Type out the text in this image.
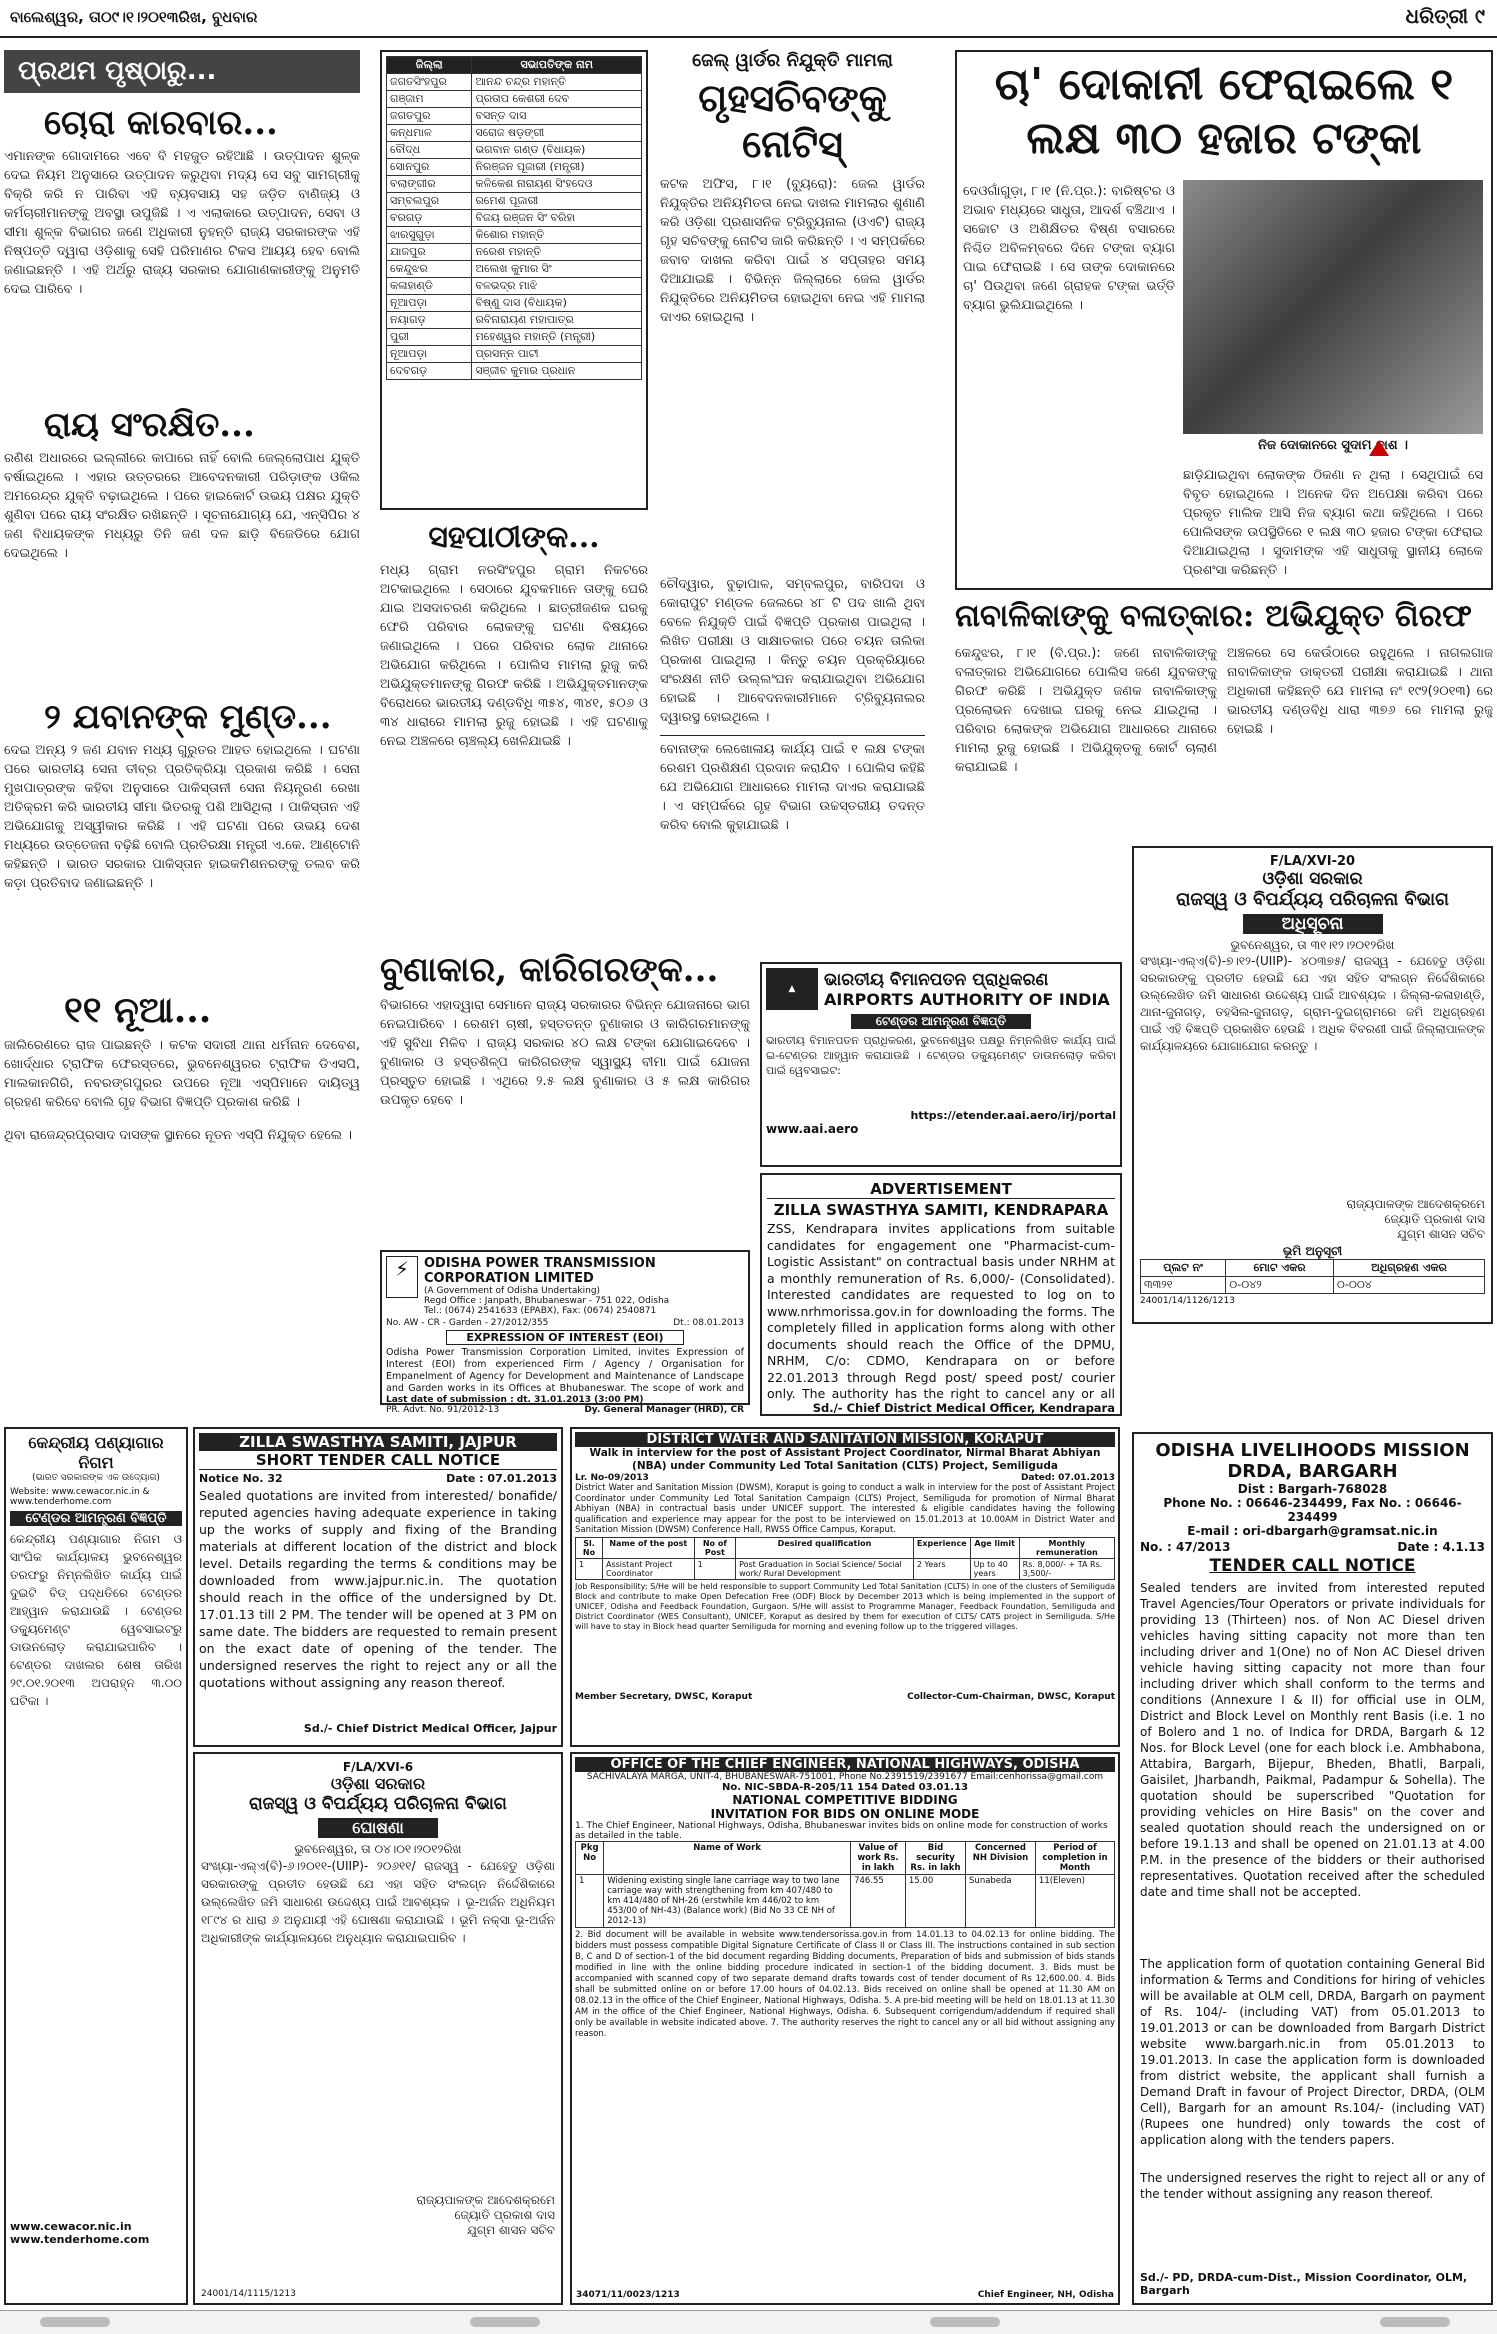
ବାଲେଶ୍ୱର, ତା୦୯।୧।୨୦୧୩ରିଖ, ବୁଧବାର	ଧରିତ୍ରୀ ୯
ପ୍ରଥମ ପୃଷ୍ଠାରୁ...
ଚୋରା କାରବାର...
ଏମାନଙ୍କ ଗୋଦାମରେ ଏବେ ବି ମହଜୁତ ରହିଆଛି । ଉତ୍ପାଦନ ଶୁଳ୍କ ଦେଇ ନିୟମ ଅନୁସାରେ ଉତ୍ପାଦନ କରୁଥିବା ମଦ୍ୟ ସେ ସବୁ ସାମଗ୍ରୀକୁ ବିକ୍ରି କରି ନ ପାରିବା ଏହି ବ୍ୟବସାୟ ସହ ଜଡ଼ିତ ବାଣିଜ୍ୟ ଓ କର୍ମଚାରୀମାନଙ୍କୁ ଅବସ୍ଥା ଉପୁଜିଛି । ଏ ଏଲାକାରେ ଉତ୍ପାଦନ, ସେବା ଓ ସୀମା ଶୁଳ୍କ ବିଭାଗର ଜଣେ ଅଧିକାରୀ ନୁହନ୍ତି ରାଜ୍ୟ ସରକାରଙ୍କ ଏହି ନିଷ୍ପତ୍ତି ଦ୍ୱାରା ଓଡ଼ିଶାକୁ ସେହି ପରିମାଣର ଟିକସ ଆୟୟ ହେବ ବୋଲି ଜଣାଇଛନ୍ତି । ଏହି ଅର୍ଥରୁ ରାଜ୍ୟ ସରକାର ଯୋଗାଣକାରୀଙ୍କୁ ଅନୁମତି ଦେଇ ପାରିବେ ।
ରାୟ ସଂରକ୍ଷିତ...
ରଣିଶ ଅଧାରରେ ଇଲ୍ଲୀରେ କାପାରେ ନାହିଁ ବୋଲି ଜେଲ୍ଲୋପାଧ ଯୁକ୍ତି ବର୍ଷାଇଥିଲେ । ଏହାର ଉତ୍ତରରେ ଆବେଦନକାରୀ ପରିଡ଼ାଙ୍କ ଓକିଲ ଅମରେନ୍ଦ୍ର ଯୁକ୍ତି ବଢ଼ାଇଥିଲେ । ପରେ ହାଇକୋର୍ଟ ଉଭୟ ପକ୍ଷର ଯୁକ୍ତି ଶୁଣିବା ପରେ ରାୟ ସଂରକ୍ଷିତ ରଖିଛନ୍ତି । ସୂଚନାଯୋଗ୍ୟ ଯେ, ଏନ୍‌ସିପିର ୪ ଜଣ ବିଧାୟକଙ୍କ ମଧ୍ୟରୁ ତିନି ଜଣ ଦଳ ଛାଡ଼ି ବିଜେଡିରେ ଯୋଗ ଦେଇଥିଲେ ।
୨ ଯବାନଙ୍କ ମୁଣ୍ଡ...
ଦେଇ ଅନ୍ୟ ୨ ଜଣ ଯବାନ ମଧ୍ୟ ଗୁରୁତର ଆହତ ହୋଇଥିଲେ । ଘଟଣା ପରେ ଭାରତୀୟ ସେନା ତୀବ୍ର ପ୍ରତିକ୍ରିୟା ପ୍ରକାଶ କରିଛି । ସେନା ମୁଖପାତ୍ରଙ୍କ କହିବା ଅନୁସାରେ ପାକିସ୍ତାନୀ ସେନା ନିୟନ୍ତ୍ରଣ ରେଖା ଅତିକ୍ରମ କରି ଭାରତୀୟ ସୀମା ଭିତରକୁ ପଶି ଆସିଥିଲା । ପାକିସ୍ତାନ ଏହି ଅଭିଯୋଗକୁ ଅସ୍ୱୀକାର କରିଛି । ଏହି ଘଟଣା ପରେ ଉଭୟ ଦେଶ ମଧ୍ୟରେ ଉତ୍ତେଜନା ବଢ଼ିଛି ବୋଲି ପ୍ରତିରକ୍ଷା ମନ୍ତ୍ରୀ ଏ.କେ. ଆଣ୍ଟୋନି କହିଛନ୍ତି । ଭାରତ ସରକାର ପାକିସ୍ତାନ ହାଇକମିଶନରଙ୍କୁ ତଲବ କରି କଡ଼ା ପ୍ରତିବାଦ ଜଣାଇଛନ୍ତି ।
୧୧ ନୂଆ...
ଜାଲିରେଣରେ ରାଜ ପାଇଛନ୍ତି । କଟକ ସଦାରୀ ଥାନା ଧର୍ମନାନ ଦେବେଶ, ଖୋର୍ଦ୍ଧାର ଟ୍ରାଫିକ ଫେରସ୍ତରେ, ଭୁବନେଶ୍ୱରର ଟ୍ରାଫିକ ଡିଏସପି, ମାଲକାନଗିରି, ନବରଙ୍ଗପୁରର ଉପରେ ନୂଆ ଏସ୍‌ପିମାନେ ଦାୟିତ୍ୱ ଗ୍ରହଣ କରିବେ ବୋଲି ଗୃହ ବିଭାଗ ବିଜ୍ଞପ୍ତି ପ୍ରକାଶ କରିଛି ।
ଥିବା ରାଜେନ୍ଦ୍ରପ୍ରସାଦ ଦାସଙ୍କ ସ୍ଥାନରେ ନୂତନ ଏସ୍‌ପି ନିଯୁକ୍ତ ହେଲେ ।
ଜିଲ୍ଲା	ସଭାପତିଙ୍କ ନାମ
ଜଗତସିଂହପୁର	ଆନନ୍ଦ ଚନ୍ଦ୍ର ମହାନ୍ତି
ଗଞ୍ଜାମ	ପ୍ରତାପ କେଶରୀ ଦେବ
ଜଗତପୁର	ବସନ୍ତ ଦାସ
କନ୍ଧମାଳ	ସରୋଜ ଷଡ଼ଙ୍ଗୀ
ବୌଦ୍ଧ	ଭଗବାନ ଗଣ୍ଡ (ବିଧାୟକ)
ସୋନପୁର	ନିରଞ୍ଜନ ପୂଜାରୀ (ମନ୍ତ୍ରୀ)
ବଲାଙ୍ଗୀର	କଳିକେଶ ନାରାୟଣ ସିଂହଦେଓ
ସମ୍ବଲପୁର	ରମେଶ ପୂଜାରୀ
ବରଗଡ଼	ବିଜୟ ରଞ୍ଜନ ସିଂ ବରିହା
ଝାରସୁଗୁଡ଼ା	କିଶୋର ମହାନ୍ତି
ଯାଜପୁର	ନରେଶ ମହାନ୍ତି
କେନ୍ଦୁଝର	ଅଲେଖ କୁମାର ସିଂ
କଳାହାଣ୍ଡି	ବଳଭଦ୍ର ମାଝି
ନୂଆପଡ଼ା	ବିଷ୍ଣୁ ଦାସ (ବିଧାୟକ)
ନୟାଗଡ଼	ରବିନାରାୟଣ ମହାପାତ୍ର
ପୁରୀ	ମହେଶ୍ୱର ମହାନ୍ତି (ମନ୍ତ୍ରୀ)
ନୂଆପଡ଼ା	ପ୍ରସନ୍ନ ପାଟୀ
ଦେବଗଡ଼	ସଞ୍ଜୀବ କୁମାର ପ୍ରଧାନ
ସହପାଠୀଙ୍କ...
ମଧ୍ୟ ଗ୍ରାମ ନରସିଂହପୁର ଗ୍ରାମ ନିକଟରେ ଅଟକାଇଥିଲେ । ସେଠାରେ ଯୁବକମାନେ ତାଙ୍କୁ ଘେରି ଯାଇ ଅସଦାଚରଣ କରିଥିଲେ । ଛାତ୍ରୀଜଣକ ଘରକୁ ଫେରି ପରିବାର ଲୋକଙ୍କୁ ଘଟଣା ବିଷୟରେ ଜଣାଇଥିଲେ । ପରେ ପରିବାର ଲୋକ ଥାନାରେ ଅଭିଯୋଗ କରିଥିଲେ । ପୋଲିସ ମାମଲା ରୁଜୁ କରି ଅଭିଯୁକ୍ତମାନଙ୍କୁ ଗିରଫ କରିଛି । ଅଭିଯୁକ୍ତମାନଙ୍କ ବିରୋଧରେ ଭାରତୀୟ ଦଣ୍ଡବିଧି ୩୫୪, ୩୪୧, ୫୦୬ ଓ ୩୪ ଧାରାରେ ମାମଲା ରୁଜୁ ହୋଇଛି । ଏହି ଘଟଣାକୁ ନେଇ ଅଞ୍ଚଳରେ ଚାଞ୍ଚଲ୍ୟ ଖେଳିଯାଇଛି ।
ଜେଲ୍ ୱାର୍ଡର ନିଯୁକ୍ତି ମାମଲା
ଗୃହସଚିବଙ୍କୁ ନୋଟିସ୍
କଟକ ଅଫିସ, ୮।୧ (ବ୍ୟୁରୋ): ଜେଲ ୱାର୍ଡର ନିଯୁକ୍ତିର ଅନିୟମିତତା ନେଇ ଦାଖଲ ମାମଲାର ଶୁଣାଣି କରି ଓଡ଼ିଶା ପ୍ରଶାସନିକ ଟ୍ରିବ୍ୟୁନାଲ (ଓଏଟି) ରାଜ୍ୟ ଗୃହ ସଚିବଙ୍କୁ ନୋଟିସ ଜାରି କରିଛନ୍ତି । ଏ ସମ୍ପର୍କରେ ଜବାବ ଦାଖଲ କରିବା ପାଇଁ ୪ ସପ୍ତାହର ସମୟ ଦିଆଯାଇଛି । ବିଭିନ୍ନ ଜିଲ୍ଲାରେ ଜେଲ ୱାର୍ଡର ନିଯୁକ୍ତିରେ ଅନିୟମିତତା ହୋଇଥିବା ନେଇ ଏହି ମାମଲା ଦାଏର ହୋଇଥିଲା ।
ଚୌଦ୍ୱାର, ବୁଢ଼ାପାଳ, ସମ୍ବଲପୁର, ବାରିପଦା ଓ କୋରାପୁଟ ମଣ୍ଡଳ ଜେଲରେ ୪୮ ଟି ପଦ ଖାଲି ଥିବା ବେଳେ ନିଯୁକ୍ତି ପାଇଁ ବିଜ୍ଞପ୍ତି ପ୍ରକାଶ ପାଇଥିଲା । ଲିଖିତ ପରୀକ୍ଷା ଓ ସାକ୍ଷାତକାର ପରେ ଚୟନ ତାଲିକା ପ୍ରକାଶ ପାଇଥିଲା । କିନ୍ତୁ ଚୟନ ପ୍ରକ୍ରିୟାରେ ସଂରକ୍ଷଣ ନୀତି ଉଲ୍ଲଂଘନ କରାଯାଇଥିବା ଅଭିଯୋଗ ହୋଇଛି । ଆବେଦନକାରୀମାନେ ଟ୍ରିବ୍ୟୁନାଲର ଦ୍ୱାରସ୍ଥ ହୋଇଥିଲେ ।
ବୋନାଙ୍କ ଲେଖୋଳାୟ କାର୍ଯ୍ୟ ପାଇଁ ୧ ଲକ୍ଷ ଟଙ୍କା ରେଶମ ପ୍ରଶିକ୍ଷଣ ପ୍ରଦାନ କରାଯିବ । ପୋଲିସ କହିଛି ଯେ ଅଭିଯୋଗ ଆଧାରରେ ମାମଲା ଦାଏର କରାଯାଇଛି । ଏ ସମ୍ପର୍କରେ ଗୃହ ବିଭାଗ ଉଚ୍ଚସ୍ତରୀୟ ତଦନ୍ତ କରିବ ବୋଲି କୁହାଯାଇଛି ।
ବୁଣାକାର, କାରିଗରଙ୍କ...
ବିଭାଗରେ ଏହାଦ୍ୱାରା ସେମାନେ ରାଜ୍ୟ ସରକାରର ବିଭିନ୍ନ ଯୋଜନାରେ ଭାଗ ନେଇପାରିବେ । ରେଶମ ଚାଷୀ, ହସ୍ତତନ୍ତ ବୁଣାକାର ଓ କାରିଗରମାନଙ୍କୁ ଏହି ସୁବିଧା ମିଳିବ । ରାଜ୍ୟ ସରକାର ୪୦ ଲକ୍ଷ ଟଙ୍କା ଯୋଗାଇଦେବେ । ବୁଣାକାର ଓ ହସ୍ତଶିଳ୍ପ କାରିଗରଙ୍କ ସ୍ୱାସ୍ଥ୍ୟ ବୀମା ପାଇଁ ଯୋଜନା ପ୍ରସ୍ତୁତ ହୋଇଛି । ଏଥିରେ ୨.୫ ଲକ୍ଷ ବୁଣାକାର ଓ ୫ ଲକ୍ଷ କାରିଗର ଉପକୃତ ହେବେ ।
ଚା' ଦୋକାନୀ ଫେରାଇଲେ ୧ ଲକ୍ଷ ୩୦ ହଜାର ଟଙ୍କା
ଦେଓଗାଁଗୁଡ଼ା, ୮।୧ (ନି.ପ୍ର.): ବାରିଷ୍ଟର ଓ ଅଭାବ ମଧ୍ୟରେ ସାଧୁତା, ଆଦର୍ଶ ବଞ୍ଚିଥାଏ । ସଚ୍ଚୋଟ ଓ ଅଶିକ୍ଷିତର ବିଷ୍ଣ ବସାରରେ ନିଶ୍ଚିତ ଅବିଳମ୍ବରେ ଦିନେ ଟଙ୍କା ବ୍ୟାଗ ପାଇ ଫେରାଇଛି । ସେ ତାଙ୍କ ଦୋକାନରେ ଚା' ପିଉଥିବା ଜଣେ ଗ୍ରାହକ ଟଙ୍କା ଭର୍ତ୍ତି ବ୍ୟାଗ ଭୁଲିଯାଇଥିଲେ ।
ନିଜ ଦୋକାନରେ ସୁଦାମ ଦାଶ ।
ଛାଡ଼ିଯାଇଥିବା ଲୋକଙ୍କ ଠିକଣା ନ ଥିଲା । ସେଥିପାଇଁ ସେ ବିବୃତ ହୋଇଥିଲେ । ଅନେକ ଦିନ ଅପେକ୍ଷା କରିବା ପରେ ପ୍ରକୃତ ମାଲିକ ଆସି ନିଜ ବ୍ୟାଗ କଥା କହିଥିଲେ । ପରେ ପୋଲିସଙ୍କ ଉପସ୍ଥିତିରେ ୧ ଲକ୍ଷ ୩୦ ହଜାର ଟଙ୍କା ଫେରାଇ ଦିଆଯାଇଥିଲା । ସୁଦାମଙ୍କ ଏହି ସାଧୁତାକୁ ସ୍ଥାନୀୟ ଲୋକେ ପ୍ରଶଂସା କରିଛନ୍ତି ।
ନାବାଳିକାଙ୍କୁ ବଳାତ୍କାର: ଅଭିଯୁକ୍ତ ଗିରଫ
କେନ୍ଦୁଝର, ୮।୧ (ବି.ପ୍ର.): ଜଣେ ନାବାଳିକାଙ୍କୁ ବଳାତ୍କାର ଅଭିଯୋଗରେ ପୋଲିସ ଜଣେ ଯୁବକଙ୍କୁ ଗିରଫ କରିଛି । ଅଭିଯୁକ୍ତ ଜଣକ ନାବାଳିକାଙ୍କୁ ପ୍ରଲୋଭନ ଦେଖାଇ ଘରକୁ ନେଇ ଯାଇଥିଲା । ପରିବାର ଲୋକଙ୍କ ଅଭିଯୋଗ ଆଧାରରେ ଥାନାରେ ମାମଲା ରୁଜୁ ହୋଇଛି । ଅଭିଯୁକ୍ତକୁ କୋର୍ଟ ଚାଲାଣ କରାଯାଇଛି ।
ଅଞ୍ଚଳରେ ସେ କେଉଁଠାରେ ରହୁଥିଲେ । ନାଗଲଗାଜ ନାବାଳିକାଙ୍କ ଡାକ୍ତରୀ ପରୀକ୍ଷା କରାଯାଇଛି । ଥାନା ଅଧିକାରୀ କହିଛନ୍ତି ଯେ ମାମଲା ନଂ ୧୯୨(୨୦୧୩) ରେ ଭାରତୀୟ ଦଣ୍ଡବିଧି ଧାରା ୩୭୬ ରେ ମାମଲା ରୁଜୁ ହୋଇଛି ।
F/LA/XVI-20
ଓଡ଼ିଶା ସରକାର
ରାଜସ୍ୱ ଓ ବିପର୍ଯ୍ୟୟ ପରିଚାଳନା ବିଭାଗ
ଅଧିସୂଚନା
ଭୁବନେଶ୍ୱର, ତା ୩୧।୧୨।୨୦୧୨ରିଖ
ସଂଖ୍ୟା-ଏଲ୍‌ଏ(ବି)-୭।୧୨-(UIIP)- ୪୦୩୭୫/ ରାଜସ୍ୱ - ଯେହେତୁ ଓଡ଼ିଶା ସରକାରଙ୍କୁ ପ୍ରତୀତ ହେଉଛି ଯେ ଏହା ସହିତ ସଂଲଗ୍ନ ନିର୍ଦ୍ଦେଶିକାରେ ଉଲ୍ଲେଖିତ ଜମି ସାଧାରଣ ଉଦ୍ଦେଶ୍ୟ ପାଇଁ ଆବଶ୍ୟକ । ଜିଲ୍ଲା-କଳାହାଣ୍ଡି, ଥାନା-ଜୁନାଗଡ଼, ତହସିଲ-ଜୁନାଗଡ଼, ଗ୍ରାମ-ଦୁଇଗ୍ରାମରେ ଜମି ଅଧିଗ୍ରହଣ ପାଇଁ ଏହି ବିଜ୍ଞପ୍ତି ପ୍ରକାଶିତ ହେଉଛି । ଅଧିକ ବିବରଣୀ ପାଇଁ ଜିଲ୍ଲାପାଳଙ୍କ କାର୍ଯ୍ୟାଳୟରେ ଯୋଗାଯୋଗ କରନ୍ତୁ ।
ରାଜ୍ୟପାଳଙ୍କ ଆଦେଶକ୍ରମେ
ଜ୍ୟୋତି ପ୍ରକାଶ ଦାସ
ଯୁଗ୍ମ ଶାସନ ସଚିବ
ଭୂମି ଅନୁସୂଚୀ
ପ୍ଲଟ ନଂ	ମୋଟ ଏକର	ଅଧିଗ୍ରହଣ ଏକର
୩୩୨୧	୦-୦୪୨	୦-୦୦୪
24001/14/1126/1213
▲	ଭାରତୀୟ ବିମାନପତନ ପ୍ରାଧିକରଣ
AIRPORTS AUTHORITY OF INDIA
ଟେଣ୍ଡର ଆମନ୍ତ୍ରଣ ବିଜ୍ଞପ୍ତି
ଭାରତୀୟ ବିମାନପତନ ପ୍ରାଧିକରଣ, ଭୁବନେଶ୍ୱର ପକ୍ଷରୁ ନିମ୍ନଲିଖିତ କାର୍ଯ୍ୟ ପାଇଁ ଇ-ଟେଣ୍ଡର ଆହ୍ୱାନ କରାଯାଉଛି । ଟେଣ୍ଡର ଡକ୍ୟୁମେଣ୍ଟ ଡାଉନଲୋଡ଼ କରିବା ପାଇଁ ୱେବସାଇଟ:
https://etender.aai.aero/irj/portal
www.aai.aero
ADVERTISEMENT
ZILLA SWASTHYA SAMITI, KENDRAPARA
ZSS, Kendrapara invites applications from suitable candidates for engagement one "Pharmacist-cum-Logistic Assistant" on contractual basis under NRHM at a monthly remuneration of Rs. 6,000/- (Consolidated). Interested candidates are requested to log on to www.nrhmorissa.gov.in for downloading the forms. The completely filled in application forms along with other documents should reach the Office of the DPMU, NRHM, C/o: CDMO, Kendrapara on or before 22.01.2013 through Regd post/ speed post/ courier only. The authority has the right to cancel any or all
Sd./- Chief District Medical Officer, Kendrapara
⚡	ODISHA POWER TRANSMISSION CORPORATION LIMITED
(A Government of Odisha Undertaking)
Regd Office : Janpath, Bhubaneswar - 751 022, Odisha
Tel.: (0674) 2541633 (EPABX), Fax: (0674) 2540871
No. AW - CR - Garden - 27/2012/355	Dt.: 08.01.2013
EXPRESSION OF INTEREST (EOI)
Odisha Power Transmission Corporation Limited, invites Expression of Interest (EOI) from experienced Firm / Agency / Organisation for Empanelment of Agency for Development and Maintenance of Landscape and Garden works in its Offices at Bhubaneswar. The scope of work and
Last date of submission : dt. 31.01.2013 (3:00 PM)
PR. Advt. No. 91/2012-13	Dy. General Manager (HRD), CR
କେନ୍ଦ୍ରୀୟ ପଣ୍ୟାଗାର ନିଗମ
(ଭାରତ ସରକାରଙ୍କ ଏକ ଉଦ୍ୟୋଗ)
Website: www.cewacor.nic.in & www.tenderhome.com
ଟେଣ୍ଡର ଆମନ୍ତ୍ରଣ ବିଜ୍ଞପ୍ତି
କେନ୍ଦ୍ରୀୟ ପଣ୍ୟାଗାର ନିଗମ ଓ ସାଂଘିକ କାର୍ଯ୍ୟାଳୟ ଭୁବନେଶ୍ୱର ତରଫରୁ ନିମ୍ନଲିଖିତ କାର୍ଯ୍ୟ ପାଇଁ ଦୁଇଟି ବିଡ୍ ପଦ୍ଧତିରେ ଟେଣ୍ଡର ଆହ୍ୱାନ କରାଯାଉଛି । ଟେଣ୍ଡର ଡକ୍ୟୁମେଣ୍ଟ ୱେବସାଇଟରୁ ଡାଉନଲୋଡ଼ କରାଯାଇପାରିବ । ଟେଣ୍ଡର ଦାଖଲର ଶେଷ ତାରିଖ ୨୯.୦୧.୨୦୧୩ ଅପରାହ୍ନ ୩.୦୦ ଘଟିକା ।
www.cewacor.nic.in www.tenderhome.com
ZILLA SWASTHYA SAMITI, JAJPUR
SHORT TENDER CALL NOTICE
Notice No. 32	Date : 07.01.2013
Sealed quotations are invited from interested/ bonafide/ reputed agencies having adequate experience in taking up the works of supply and fixing of the Branding materials at different location of the district and block level. Details regarding the terms & conditions may be downloaded from www.jajpur.nic.in. The quotation should reach in the office of the undersigned by Dt. 17.01.13 till 2 PM. The tender will be opened at 3 PM on same date. The bidders are requested to remain present on the exact date of opening of the tender. The undersigned reserves the right to reject any or all the quotations without assigning any reason thereof.
Sd./- Chief District Medical Officer, Jajpur
F/LA/XVI-6
ଓଡ଼ିଶା ସରକାର
ରାଜସ୍ୱ ଓ ବିପର୍ଯ୍ୟୟ ପରିଚାଳନା ବିଭାଗ
ଘୋଷଣା
ଭୁବନେଶ୍ୱର, ତା ୦୪।୦୧।୨୦୧୨ରିଖ
ସଂଖ୍ୟା-ଏଲ୍‌ଏ(ବି)-୬।୨୦୧୧-(UIIP)- ୨୦୬୧୧/ ରାଜସ୍ୱ - ଯେହେତୁ ଓଡ଼ିଶା ସରକାରଙ୍କୁ ପ୍ରତୀତ ହେଉଛି ଯେ ଏହା ସହିତ ସଂଲଗ୍ନ ନିର୍ଦ୍ଦେଶିକାରେ ଉଲ୍ଲେଖିତ ଜମି ସାଧାରଣ ଉଦ୍ଦେଶ୍ୟ ପାଇଁ ଆବଶ୍ୟକ । ଭୂ-ଅର୍ଜନ ଅଧିନିୟମ ୧୮୯୪ ର ଧାରା ୬ ଅନୁଯାୟୀ ଏହି ଘୋଷଣା କରାଯାଉଛି । ଭୂମି ନକ୍ସା ଭୂ-ଅର୍ଜନ ଅଧିକାରୀଙ୍କ କାର୍ଯ୍ୟାଳୟରେ ଅନୁଧ୍ୟାନ କରାଯାଇପାରିବ ।
ରାଜ୍ୟପାଳଙ୍କ ଆଦେଶକ୍ରମେ
ଜ୍ୟୋତି ପ୍ରକାଶ ଦାସ
ଯୁଗ୍ମ ଶାସନ ସଚିବ
24001/14/1115/1213
DISTRICT WATER AND SANITATION MISSION, KORAPUT
Walk in interview for the post of Assistant Project Coordinator, Nirmal Bharat Abhiyan (NBA) under Community Led Total Sanitation (CLTS) Project, Semiliguda
Lr. No-09/2013	Dated: 07.01.2013
District Water and Sanitation Mission (DWSM), Koraput is going to conduct a walk in interview for the post of Assistant Project Coordinator under Community Led Total Sanitation Campaign (CLTS) Project, Semiliguda for promotion of Nirmal Bharat Abhiyan (NBA) in contractual basis under UNICEF support. The interested & eligible candidates having the following qualification and experience may appear for the post to be interviewed on 15.01.2013 at 10.00AM in District Water and Sanitation Mission (DWSM) Conference Hall, RWSS Office Campus, Koraput.
Sl. No	Name of the post	No of Post	Desired qualification	Experience	Age limit	Monthly remuneration
1	Assistant Project Coordinator	1	Post Graduation in Social Science/ Social work/ Rural Development	2 Years	Up to 40 years	Rs. 8,000/- + TA Rs. 3,500/-
Job Responsibility: S/He will be held responsible to support Community Led Total Sanitation (CLTS) in one of the clusters of Semiliguda Block and contribute to make Open Defecation Free (ODF) Block by December 2013 which is being implemented in the support of UNICEF, Odisha and Feedback Foundation, Gurgaon. S/He will assist to Programme Manager, Feedback Foundation, Semiliguda and District Coordinator (WES Consultant), UNICEF, Koraput as desired by them for execution of CLTS/ CATS project in Semiliguda. S/He will have to stay in Block head quarter Semiliguda for morning and evening follow up to the triggered villages.
Member Secretary, DWSC, Koraput	Collector-Cum-Chairman, DWSC, Koraput
OFFICE OF THE CHIEF ENGINEER, NATIONAL HIGHWAYS, ODISHA
SACHIVALAYA MARGA, UNIT-4, BHUBANESWAR-751001, Phone No.2391519/2391677 Email:cenhorissa@gmail.com
No. NIC-SBDA-R-205/11 154 Dated 03.01.13
NATIONAL COMPETITIVE BIDDING
INVITATION FOR BIDS ON ONLINE MODE
1. The Chief Engineer, National Highways, Odisha, Bhubaneswar invites bids on online mode for construction of works as detailed in the table.
Pkg No	Name of Work	Value of work Rs. in lakh	Bid security Rs. in lakh	Concerned NH Division	Period of completion in Month
1	Widening existing single lane carriage way to two lane carriage way with strengthening from km 407/480 to km 414/480 of NH-26 (erstwhile km 446/02 to km 453/00 of NH-43) (Balance work) (Bid No 33 CE NH of 2012-13)	746.55	15.00	Sunabeda	11(Eleven)
2. Bid document will be available in website www.tendersorissa.gov.in from 14.01.13 to 04.02.13 for online bidding. The bidders must possess compatible Digital Signature Certificate of Class II or Class III. The instructions contained in sub section B, C and D of section-1 of the bid document regarding Bidding documents, Preparation of bids and submission of bids stands modified in line with the online bidding procedure indicated in section-1 of the bidding document. 3. Bids must be accompanied with scanned copy of two separate demand drafts towards cost of tender document of Rs 12,600.00. 4. Bids shall be submitted online on or before 17.00 hours of 04.02.13. Bids received on online shall be opened at 11.30 AM on 08.02.13 in the office of the Chief Engineer, National Highways, Odisha. 5. A pre-bid meeting will be held on 18.01.13 at 11.30 AM in the office of the Chief Engineer, National Highways, Odisha. 6. Subsequent corrigendum/addendum if required shall only be available in website indicated above. 7. The authority reserves the right to cancel any or all bid without assigning any reason.
34071/11/0023/1213	Chief Engineer, NH, Odisha
ODISHA LIVELIHOODS MISSION
DRDA, BARGARH
Dist : Bargarh-768028
Phone No. : 06646-234499, Fax No. : 06646-234499
E-mail : ori-dbargarh@gramsat.nic.in
No. : 47/2013	Date : 4.1.13
TENDER CALL NOTICE
Sealed tenders are invited from interested reputed Travel Agencies/Tour Operators or private individuals for providing 13 (Thirteen) nos. of Non AC Diesel driven vehicles having sitting capacity not more than ten including driver and 1(One) no of Non AC Diesel driven vehicle having sitting capacity not more than four including driver which shall conform to the terms and conditions (Annexure I & II) for official use in OLM, District and Block Level on Monthly rent Basis (i.e. 1 no of Bolero and 1 no. of Indica for DRDA, Bargarh & 12 Nos. for Block Level (one for each block i.e. Ambhabona, Attabira, Bargarh, Bijepur, Bheden, Bhatli, Barpali, Gaisilet, Jharbandh, Paikmal, Padampur & Sohella). The quotation should be superscribed "Quotation for providing vehicles on Hire Basis" on the cover and sealed quotation should reach the undersigned on or before 19.1.13 and shall be opened on 21.01.13 at 4.00 P.M. in the presence of the bidders or their authorised representatives. Quotation received after the scheduled date and time shall not be accepted.
The application form of quotation containing General Bid information & Terms and Conditions for hiring of vehicles will be available at OLM cell, DRDA, Bargarh on payment of Rs. 104/- (including VAT) from 05.01.2013 to 19.01.2013 or can be downloaded from Bargarh District website www.bargarh.nic.in from 05.01.2013 to 19.01.2013. In case the application form is downloaded from district website, the applicant shall furnish a Demand Draft in favour of Project Director, DRDA, (OLM Cell), Bargarh for an amount Rs.104/- (including VAT) (Rupees one hundred) only towards the cost of application along with the tenders papers.
The undersigned reserves the right to reject all or any of the tender without assigning any reason thereof.
Sd./- PD, DRDA-cum-Dist., Mission Coordinator, OLM, Bargarh
